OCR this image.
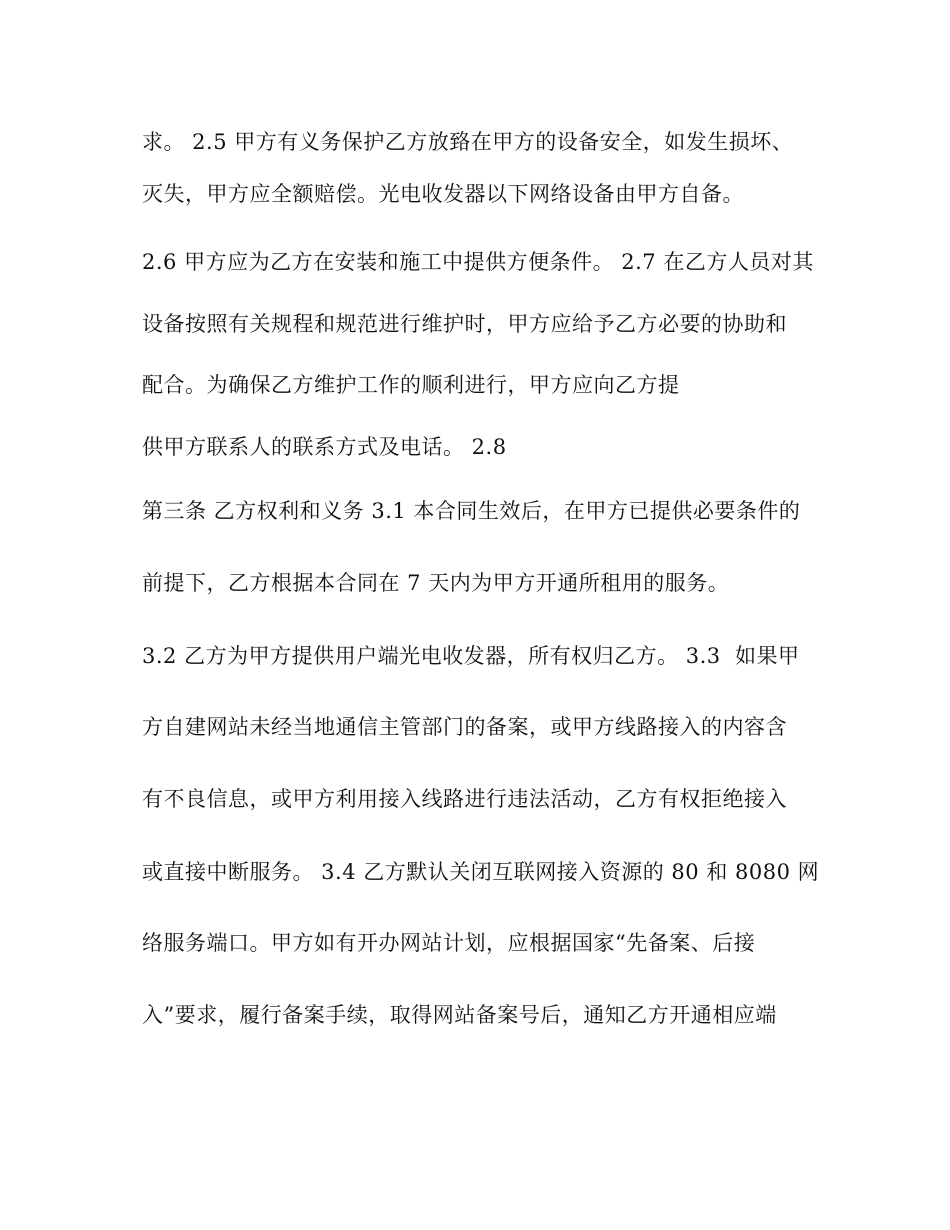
求。 2.5 甲方有义务保护乙方放臵在甲方的设备安全，如发生损坏、
灭失，甲方应全额赔偿。光电收发器以下网络设备由甲方自备。
2.6 甲方应为乙方在安装和施工中提供方便条件。 2.7 在乙方人员对其
设备按照有关规程和规范进行维护时，甲方应给予乙方必要的协助和
配合。为确保乙方维护工作的顺利进行，甲方应向乙方提
供甲方联系人的联系方式及电话。 2.8
第三条 乙方权利和义务 3.1 本合同生效后，在甲方已提供必要条件的
前提下，乙方根据本合同在 7 天内为甲方开通所租用的服务。
3.2 乙方为甲方提供用户端光电收发器，所有权归乙方。 3.3  如果甲
方自建网站未经当地通信主管部门的备案，或甲方线路接入的内容含
有不良信息，或甲方利用接入线路进行违法活动，乙方有权拒绝接入
或直接中断服务。 3.4 乙方默认关闭互联网接入资源的 80 和 8080 网
络服务端口。甲方如有开办网站计划，应根据国家“先备案、后接
入”要求，履行备案手续，取得网站备案号后，通知乙方开通相应端
